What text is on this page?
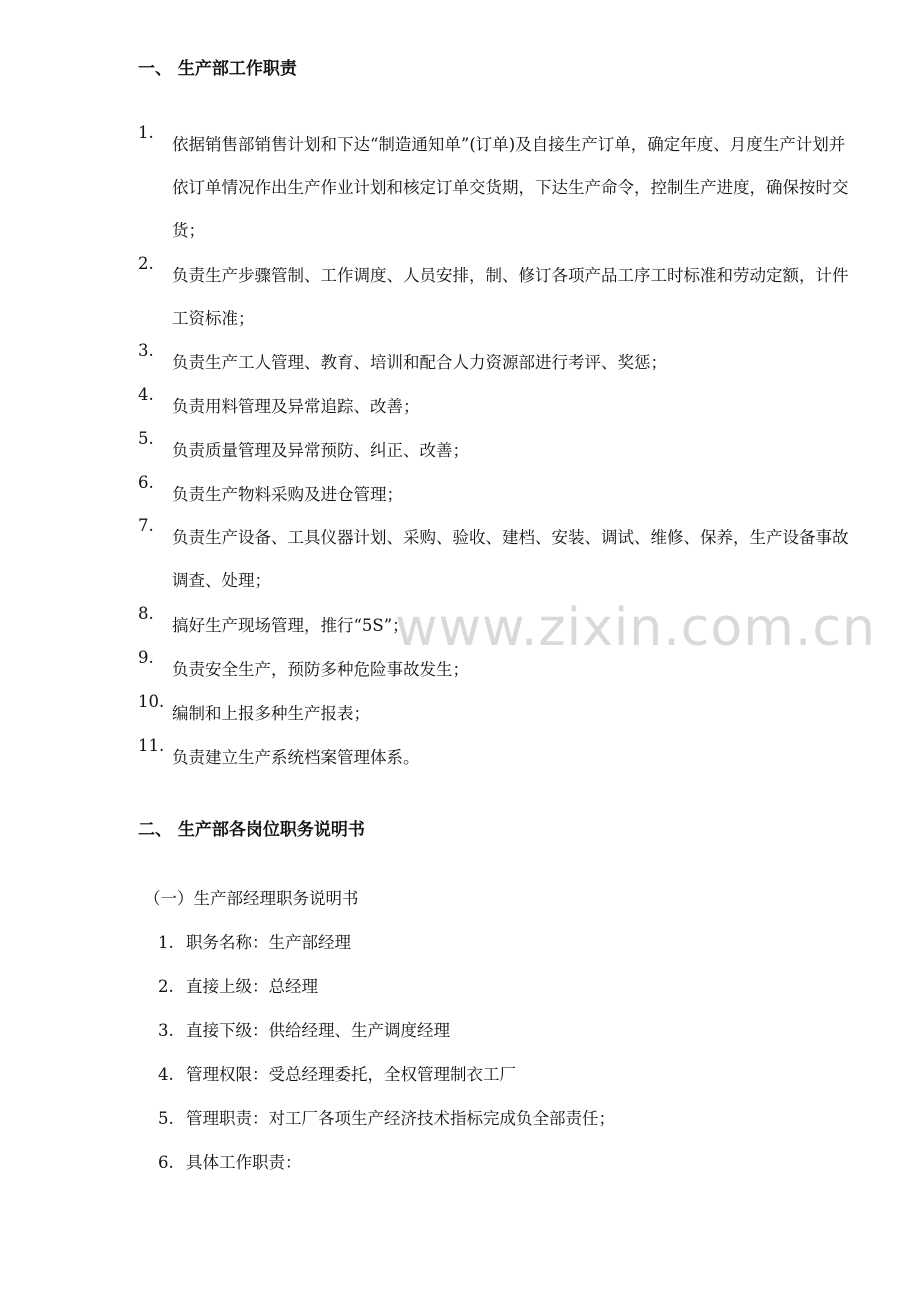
一、 生产部工作职责
1.
依据销售部销售计划和下达“制造通知单”(订单)及自接生产订单，确定年度、月度生产计划并依订单情况作出生产作业计划和核定订单交货期，下达生产命令，控制生产进度，确保按时交货；
2.
负责生产步骤管制、工作调度、人员安排，制、修订各项产品工序工时标准和劳动定额，计件工资标准；
3.
负责生产工人管理、教育、培训和配合人力资源部进行考评、奖惩；
4.
负责用料管理及异常追踪、改善；
5.
负责质量管理及异常预防、纠正、改善；
6.
负责生产物料采购及进仓管理；
7.
负责生产设备、工具仪器计划、采购、验收、建档、安装、调试、维修、保养，生产设备事故调查、处理；
8.
搞好生产现场管理，推行“5S”；
9.
负责安全生产，预防多种危险事故发生；
10.
编制和上报多种生产报表；
11.
负责建立生产系统档案管理体系。
二、 生产部各岗位职务说明书
（一）生产部经理职务说明书
1. 职务名称：生产部经理
2. 直接上级：总经理
3. 直接下级：供给经理、生产调度经理
4. 管理权限：受总经理委托，全权管理制衣工厂
5. 管理职责：对工厂各项生产经济技术指标完成负全部责任；
6. 具体工作职责：
www.zixin.com.cn
